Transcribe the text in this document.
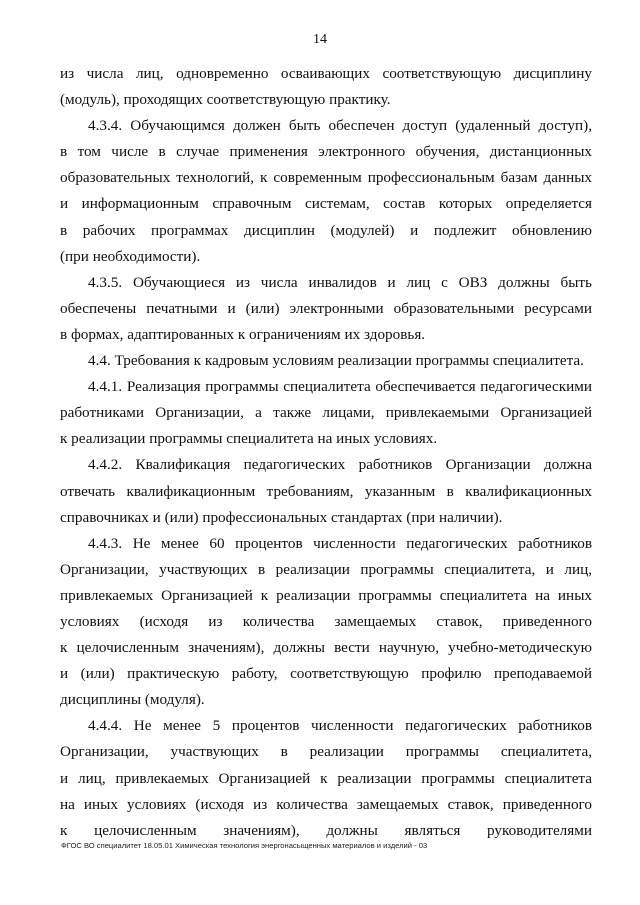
14
из числа лиц, одновременно осваивающих соответствующую дисциплину
(модуль), проходящих соответствующую практику.
4.3.4. Обучающимся должен быть обеспечен доступ (удаленный доступ),
в том числе в случае применения электронного обучения, дистанционных
образовательных технологий, к современным профессиональным базам данных
и информационным справочным системам, состав которых определяется
в рабочих программах дисциплин (модулей) и подлежит обновлению
(при необходимости).
4.3.5. Обучающиеся из числа инвалидов и лиц с ОВЗ должны быть
обеспечены печатными и (или) электронными образовательными ресурсами
в формах, адаптированных к ограничениям их здоровья.
4.4. Требования к кадровым условиям реализации программы специалитета.
4.4.1. Реализация программы специалитета обеспечивается педагогическими
работниками Организации, а также лицами, привлекаемыми Организацией
к реализации программы специалитета на иных условиях.
4.4.2. Квалификация педагогических работников Организации должна
отвечать квалификационным требованиям, указанным в квалификационных
справочниках и (или) профессиональных стандартах (при наличии).
4.4.3. Не менее 60 процентов численности педагогических работников
Организации, участвующих в реализации программы специалитета, и лиц,
привлекаемых Организацией к реализации программы специалитета на иных
условиях (исходя из количества замещаемых ставок, приведенного
к целочисленным значениям), должны вести научную, учебно-методическую
и (или) практическую работу, соответствующую профилю преподаваемой
дисциплины (модуля).
4.4.4. Не менее 5 процентов численности педагогических работников
Организации, участвующих в реализации программы специалитета,
и лиц, привлекаемых Организацией к реализации программы специалитета
на иных условиях (исходя из количества замещаемых ставок, приведенного
к целочисленным значениям), должны являться руководителями
ФГОС ВО специалитет 18.05.01 Химическая технология энергонасыщенных материалов и изделий - 03
